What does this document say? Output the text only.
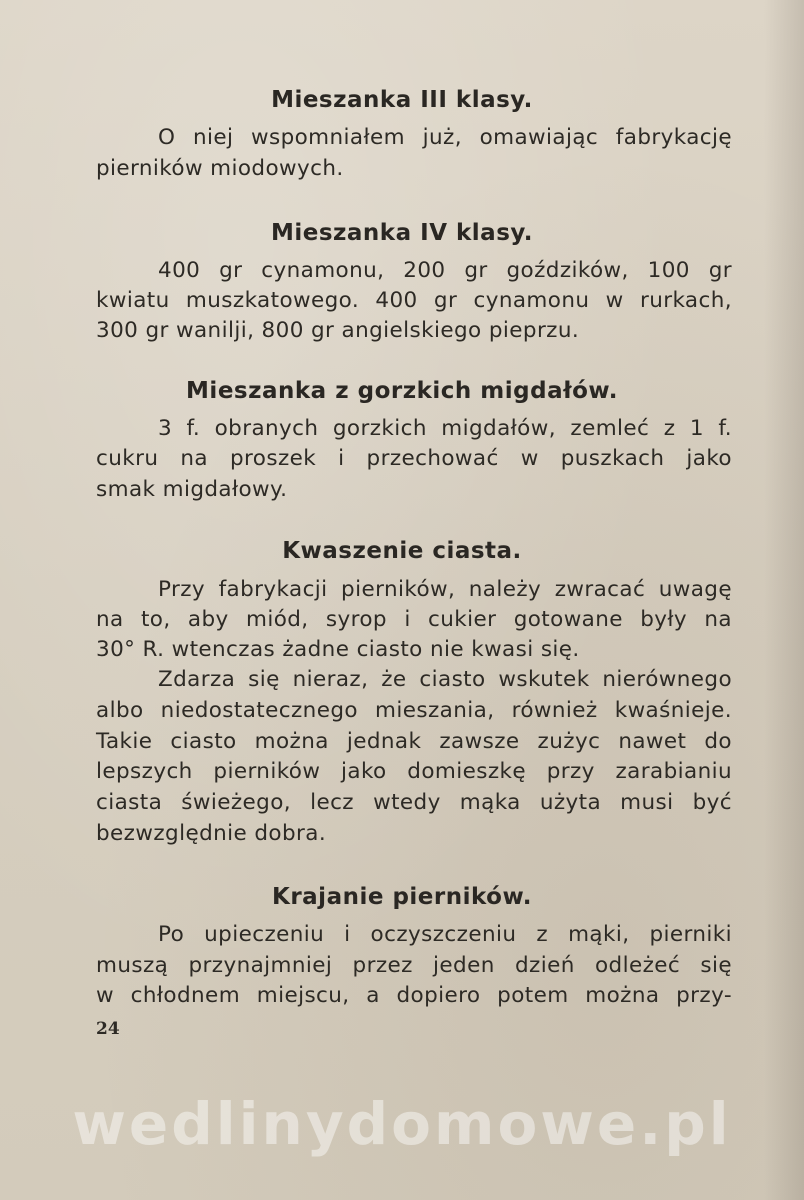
Mieszanka III klasy.
O niej wspomniałem już, omawiając fabrykację
pierników miodowych.
Mieszanka IV klasy.
400 gr cynamonu, 200 gr goździków, 100 gr
kwiatu muszkatowego. 400 gr cynamonu w rurkach,
300 gr wanilji, 800 gr angielskiego pieprzu.
Mieszanka z gorzkich migdałów.
3 f. obranych gorzkich migdałów, zemleć z 1 f.
cukru na proszek i przechować w puszkach jako
smak migdałowy.
Kwaszenie ciasta.
Przy fabrykacji pierników, należy zwracać uwagę
na to, aby miód, syrop i cukier gotowane były na
30° R. wtenczas żadne ciasto nie kwasi się.
Zdarza się nieraz, że ciasto wskutek nierównego
albo niedostatecznego mieszania, również kwaśnieje.
Takie ciasto można jednak zawsze zużyc nawet do
lepszych pierników jako domieszkę przy zarabianiu
ciasta świeżego, lecz wtedy mąka użyta musi być
bezwzględnie dobra.
Krajanie pierników.
Po upieczeniu i oczyszczeniu z mąki, pierniki
muszą przynajmniej przez jeden dzień odleżeć się
w chłodnem miejscu, a dopiero potem można przy-
24
wedlinydomowe.pl
